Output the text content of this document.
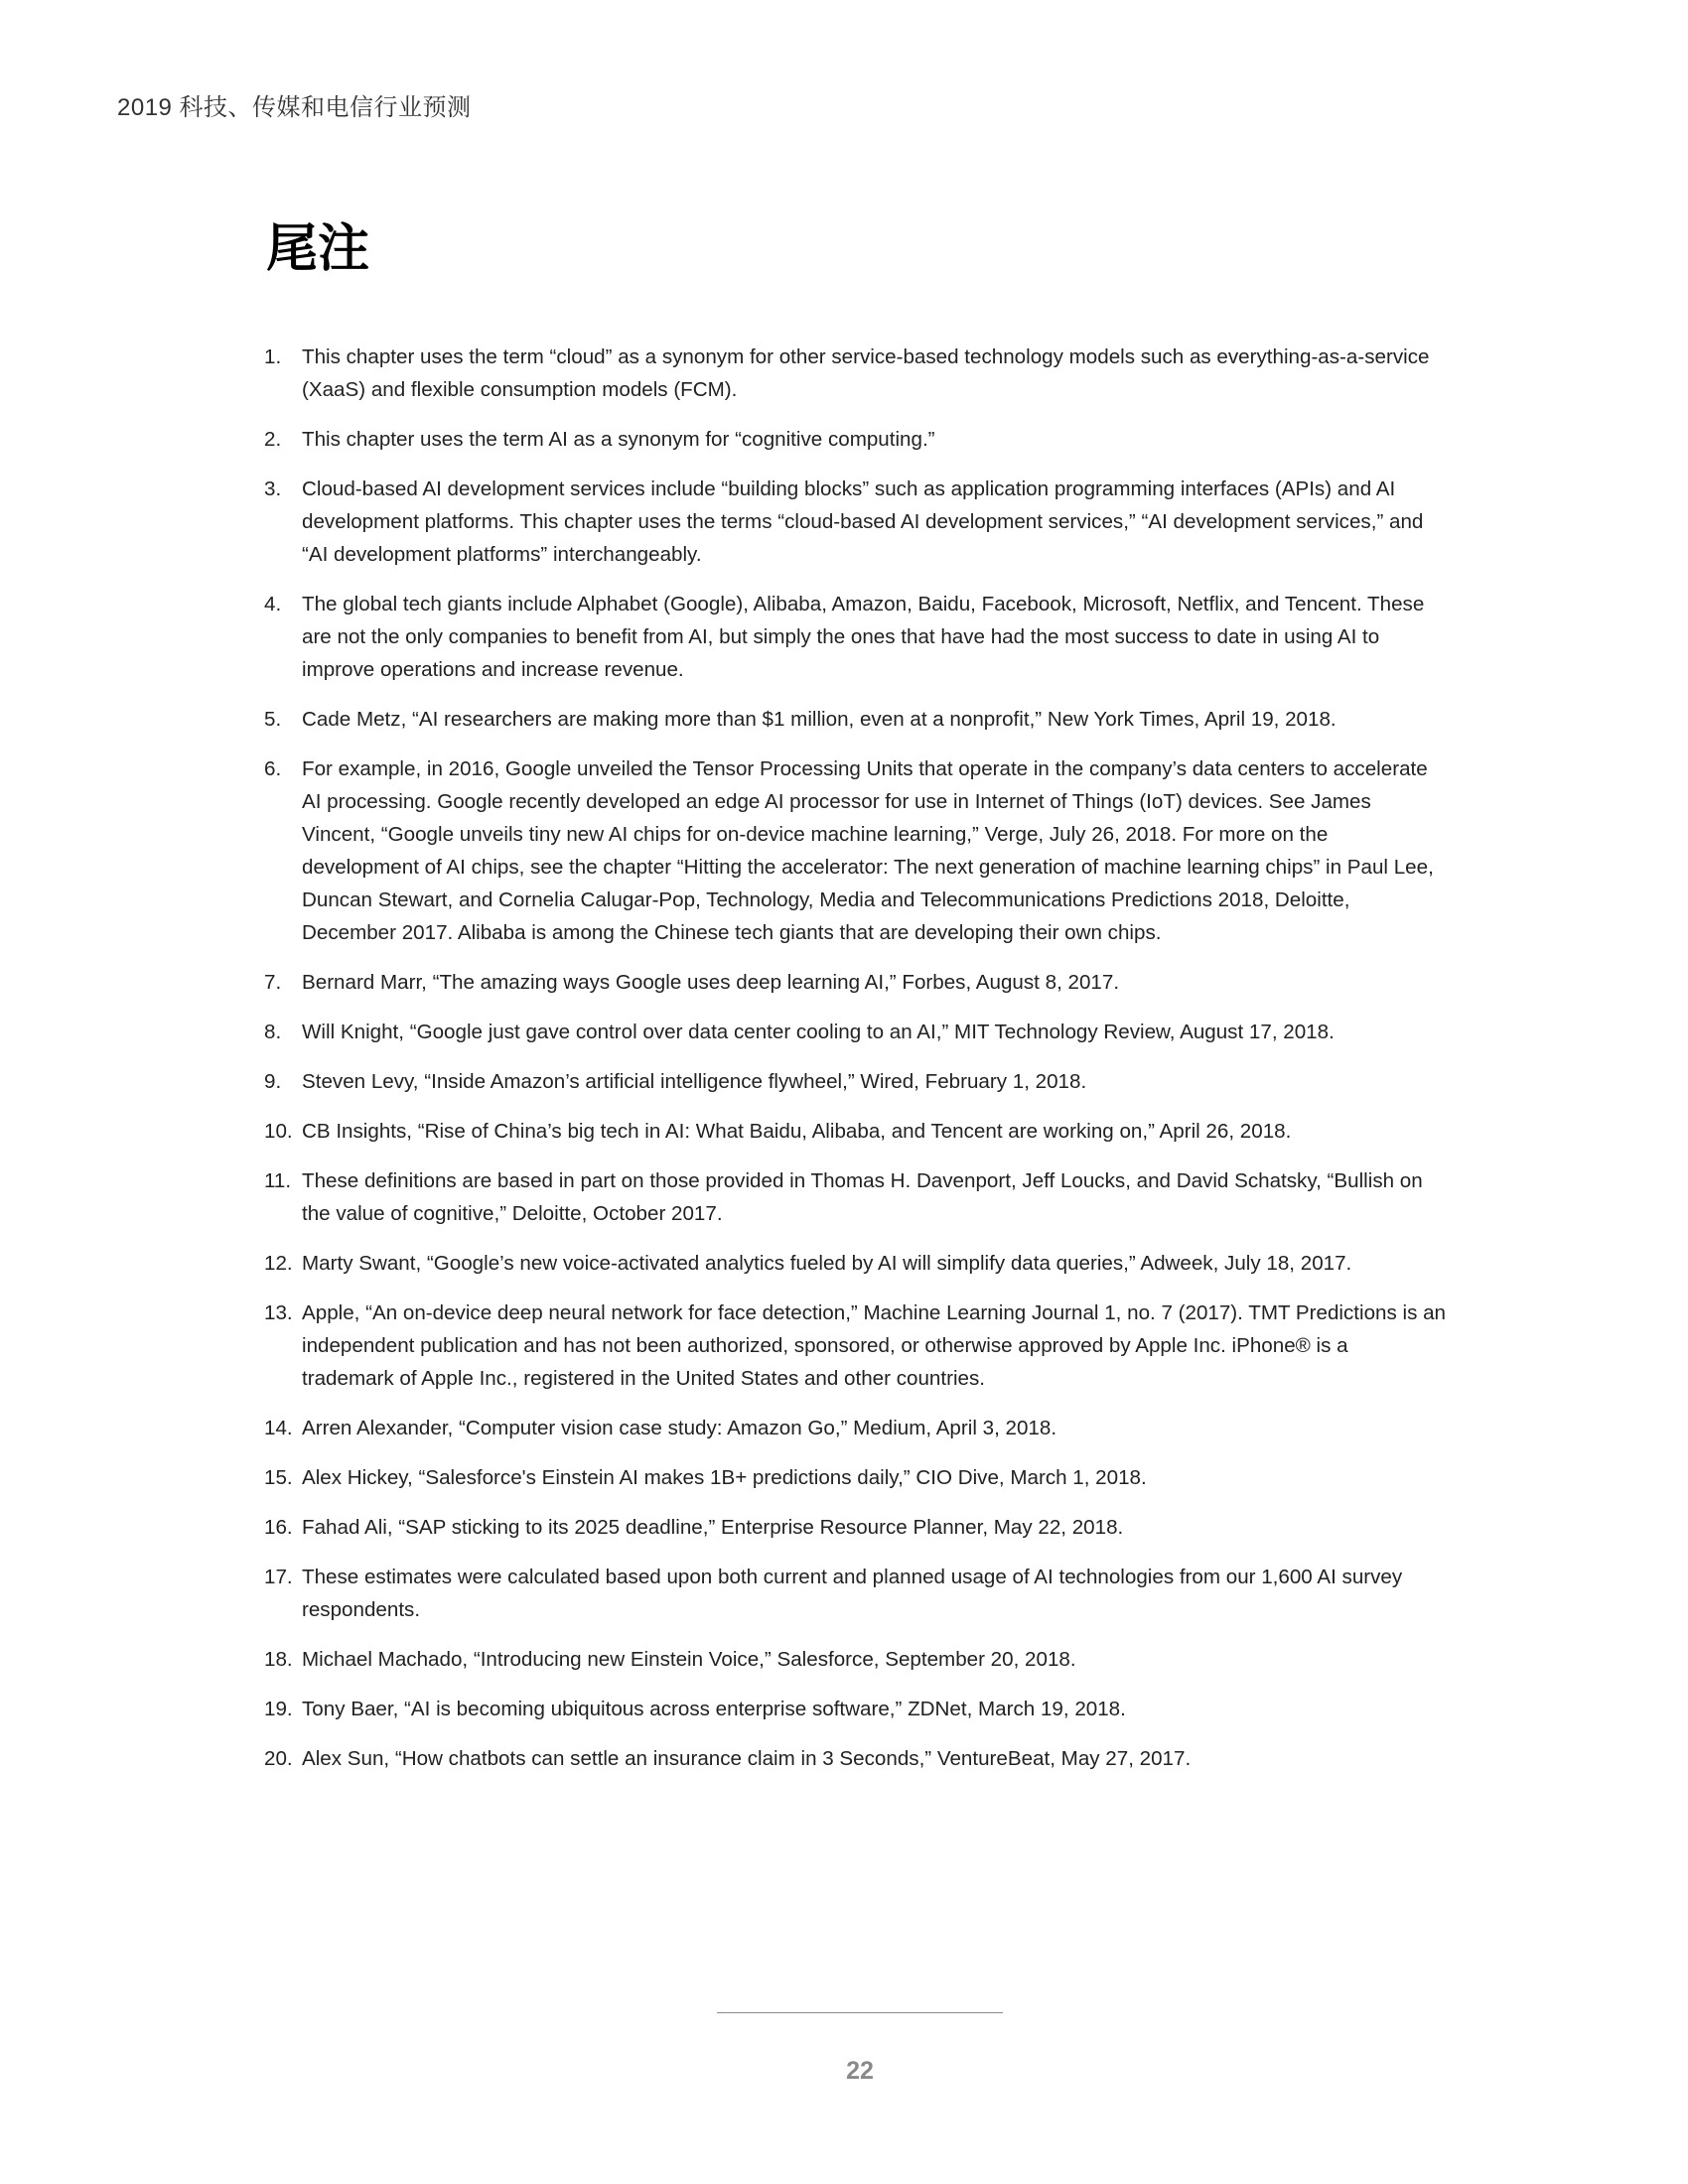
2019 科技、传媒和电信行业预测
尾注
1.	This chapter uses the term “cloud” as a synonym for other service-based technology models such as everything-as-a-service (XaaS) and flexible consumption models (FCM).
2.	This chapter uses the term AI as a synonym for “cognitive computing.”
3.	Cloud-based AI development services include “building blocks” such as application programming interfaces (APIs) and AI development platforms. This chapter uses the terms “cloud-based AI development services,” “AI development services,” and “AI development platforms” interchangeably.
4.	The global tech giants include Alphabet (Google), Alibaba, Amazon, Baidu, Facebook, Microsoft, Netflix, and Tencent. These are not the only companies to benefit from AI, but simply the ones that have had the most success to date in using AI to improve operations and increase revenue.
5.	Cade Metz, “AI researchers are making more than $1 million, even at a nonprofit,” New York Times, April 19, 2018.
6.	For example, in 2016, Google unveiled the Tensor Processing Units that operate in the company’s data centers to accelerate AI processing. Google recently developed an edge AI processor for use in Internet of Things (IoT) devices. See James Vincent, “Google unveils tiny new AI chips for on-device machine learning,” Verge, July 26, 2018. For more on the development of AI chips, see the chapter “Hitting the accelerator: The next generation of machine learning chips” in Paul Lee, Duncan Stewart, and Cornelia Calugar-Pop, Technology, Media and Telecommunications Predictions 2018, Deloitte, December 2017. Alibaba is among the Chinese tech giants that are developing their own chips.
7.	Bernard Marr, “The amazing ways Google uses deep learning AI,” Forbes, August 8, 2017.
8.	Will Knight, “Google just gave control over data center cooling to an AI,” MIT Technology Review, August 17, 2018.
9.	Steven Levy, “Inside Amazon’s artificial intelligence flywheel,” Wired, February 1, 2018.
10. CB Insights, “Rise of China’s big tech in AI: What Baidu, Alibaba, and Tencent are working on,” April 26, 2018.
11. These definitions are based in part on those provided in Thomas H. Davenport, Jeff Loucks, and David Schatsky, “Bullish on the value of cognitive,” Deloitte, October 2017.
12. Marty Swant, “Google’s new voice-activated analytics fueled by AI will simplify data queries,” Adweek, July 18, 2017.
13. Apple, “An on-device deep neural network for face detection,” Machine Learning Journal 1, no. 7 (2017). TMT Predictions is an independent publication and has not been authorized, sponsored, or otherwise approved by Apple Inc. iPhone® is a trademark of Apple Inc., registered in the United States and other countries.
14. Arren Alexander, “Computer vision case study: Amazon Go,” Medium, April 3, 2018.
15. Alex Hickey, “Salesforce's Einstein AI makes 1B+ predictions daily,” CIO Dive, March 1, 2018.
16. Fahad Ali, “SAP sticking to its 2025 deadline,” Enterprise Resource Planner, May 22, 2018.
17. These estimates were calculated based upon both current and planned usage of AI technologies from our 1,600 AI survey respondents.
18. Michael Machado, “Introducing new Einstein Voice,” Salesforce, September 20, 2018.
19. Tony Baer, “AI is becoming ubiquitous across enterprise software,” ZDNet, March 19, 2018.
20. Alex Sun, “How chatbots can settle an insurance claim in 3 Seconds,” VentureBeat, May 27, 2017.
22
